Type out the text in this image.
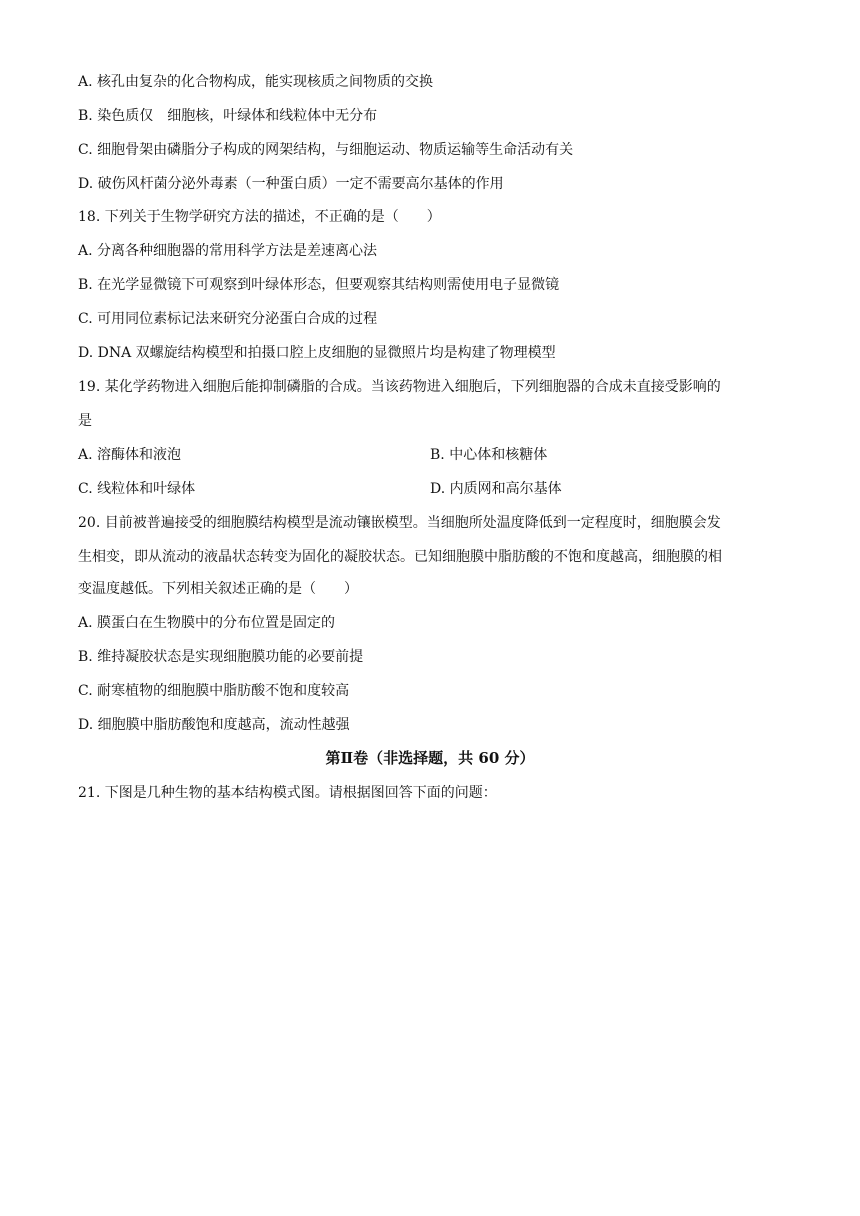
A. 核孔由复杂的化合物构成，能实现核质之间物质的交换
B. 染色质仅　细胞核，叶绿体和线粒体中无分布
C. 细胞骨架由磷脂分子构成的网架结构，与细胞运动、物质运输等生命活动有关
D. 破伤风杆菌分泌外毒素（一种蛋白质）一定不需要高尔基体的作用
18. 下列关于生物学研究方法的描述，不正确的是（　　）
A. 分离各种细胞器的常用科学方法是差速离心法
B. 在光学显微镜下可观察到叶绿体形态，但要观察其结构则需使用电子显微镜
C. 可用同位素标记法来研究分泌蛋白合成的过程
D. DNA 双螺旋结构模型和拍摄口腔上皮细胞的显微照片均是构建了物理模型
19. 某化学药物进入细胞后能抑制磷脂的合成。当该药物进入细胞后，下列细胞器的合成未直接受影响的
是
A. 溶酶体和液泡	B. 中心体和核糖体
C. 线粒体和叶绿体	D. 内质网和高尔基体
20. 目前被普遍接受的细胞膜结构模型是流动镶嵌模型。当细胞所处温度降低到一定程度时，细胞膜会发
生相变，即从流动的液晶状态转变为固化的凝胶状态。已知细胞膜中脂肪酸的不饱和度越高，细胞膜的相
变温度越低。下列相关叙述正确的是（　　）
A. 膜蛋白在生物膜中的分布位置是固定的
B. 维持凝胶状态是实现细胞膜功能的必要前提
C. 耐寒植物的细胞膜中脂肪酸不饱和度较高
D. 细胞膜中脂肪酸饱和度越高，流动性越强
第Ⅱ卷（非选择题，共 60 分）
21. 下图是几种生物的基本结构模式图。请根据图回答下面的问题：
